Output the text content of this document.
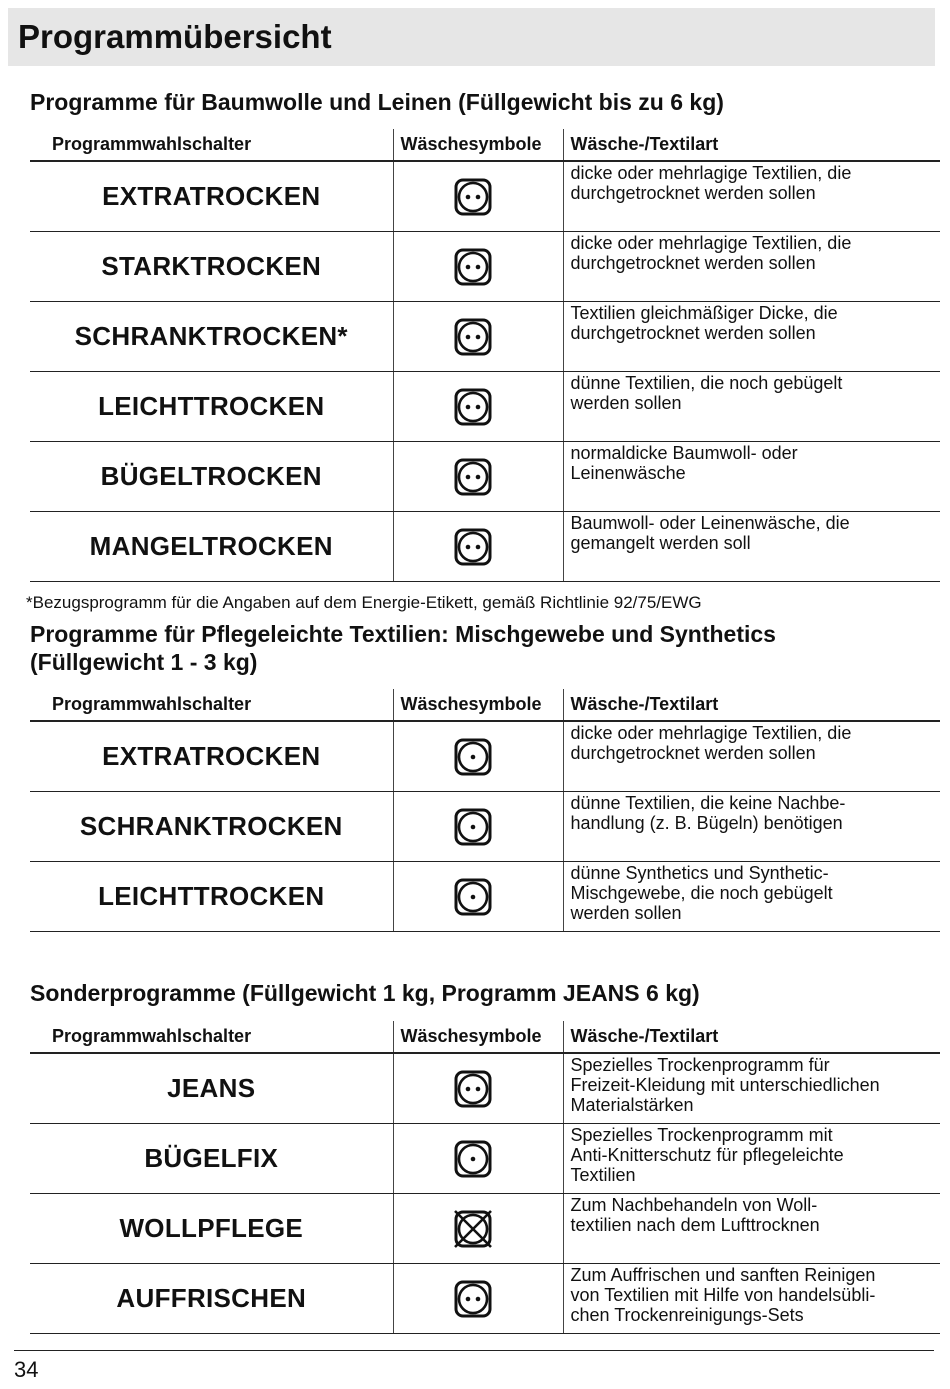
Programmübersicht
Programme für Baumwolle und Leinen (Füllgewicht bis zu 6 kg)
Programmwahlschalter	Wäschesymbole	Wäsche-/Textilart
EXTRATROCKEN		dicke oder mehrlagige Textilien, die
durchgetrocknet werden sollen
STARKTROCKEN		dicke oder mehrlagige Textilien, die
durchgetrocknet werden sollen
SCHRANKTROCKEN*		Textilien gleichmäßiger Dicke, die
durchgetrocknet werden sollen
LEICHTTROCKEN		dünne Textilien, die noch gebügelt
werden sollen
BÜGELTROCKEN		normaldicke Baumwoll- oder
Leinenwäsche
MANGELTROCKEN		Baumwoll- oder Leinenwäsche, die
gemangelt werden soll

*Bezugsprogramm für die Angaben auf dem Energie-Etikett, gemäß Richtlinie 92/75/EWG

Programme für Pflegeleichte Textilien: Mischgewebe und Synthetics
(Füllgewicht 1 - 3 kg)
Programmwahlschalter	Wäschesymbole	Wäsche-/Textilart
EXTRATROCKEN		dicke oder mehrlagige Textilien, die
durchgetrocknet werden sollen
SCHRANKTROCKEN		dünne Textilien, die keine Nachbe-
handlung (z. B. Bügeln) benötigen
LEICHTTROCKEN		dünne Synthetics und Synthetic-
Mischgewebe, die noch gebügelt
werden sollen
Sonderprogramme (Füllgewicht 1 kg, Programm JEANS 6 kg)
Programmwahlschalter	Wäschesymbole	Wäsche-/Textilart
JEANS		Spezielles Trockenprogramm für
Freizeit-Kleidung mit unterschiedlichen
Materialstärken
BÜGELFIX		Spezielles Trockenprogramm mit
Anti-Knitterschutz für pflegeleichte
Textilien
WOLLPFLEGE		Zum Nachbehandeln von Woll-
textilien nach dem Lufttrocknen
AUFFRISCHEN		Zum Auffrischen und sanften Reinigen
von Textilien mit Hilfe von handelsübli-
chen Trockenreinigungs-Sets

34
